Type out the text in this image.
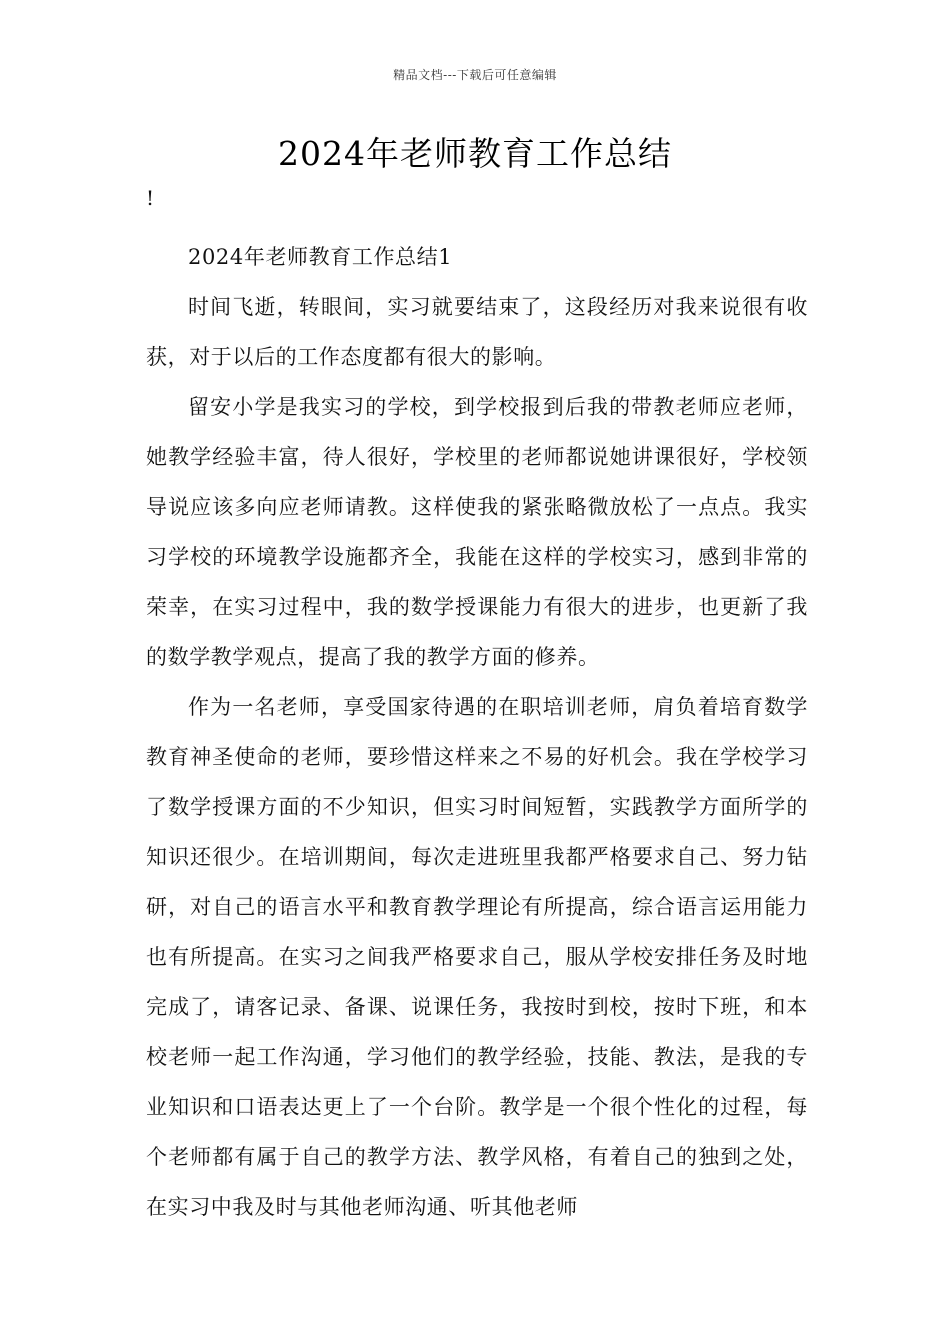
精品文档---下载后可任意编辑
2024年老师教育工作总结
!

2024年老师教育工作总结1

时间飞逝，转眼间，实习就要结束了，这段经历对我来说很有收获，对于以后的工作态度都有很大的影响。

留安小学是我实习的学校，到学校报到后我的带教老师应老师，她教学经验丰富，待人很好，学校里的老师都说她讲课很好，学校领导说应该多向应老师请教。这样使我的紧张略微放松了一点点。我实习学校的环境教学设施都齐全，我能在这样的学校实习，感到非常的荣幸，在实习过程中，我的数学授课能力有很大的进步，也更新了我的数学教学观点，提高了我的教学方面的修养。

作为一名老师，享受国家待遇的在职培训老师，肩负着培育数学教育神圣使命的老师，要珍惜这样来之不易的好机会。我在学校学习了数学授课方面的不少知识，但实习时间短暂，实践教学方面所学的知识还很少。在培训期间，每次走进班里我都严格要求自己、努力钻研，对自己的语言水平和教育教学理论有所提高，综合语言运用能力也有所提高。在实习之间我严格要求自己，服从学校安排任务及时地完成了，请客记录、备课、说课任务，我按时到校，按时下班，和本校老师一起工作沟通，学习他们的教学经验，技能、教法，是我的专业知识和口语表达更上了一个台阶。教学是一个很个性化的过程，每个老师都有属于自己的教学方法、教学风格，有着自己的独到之处，在实习中我及时与其他老师沟通、听其他老师
